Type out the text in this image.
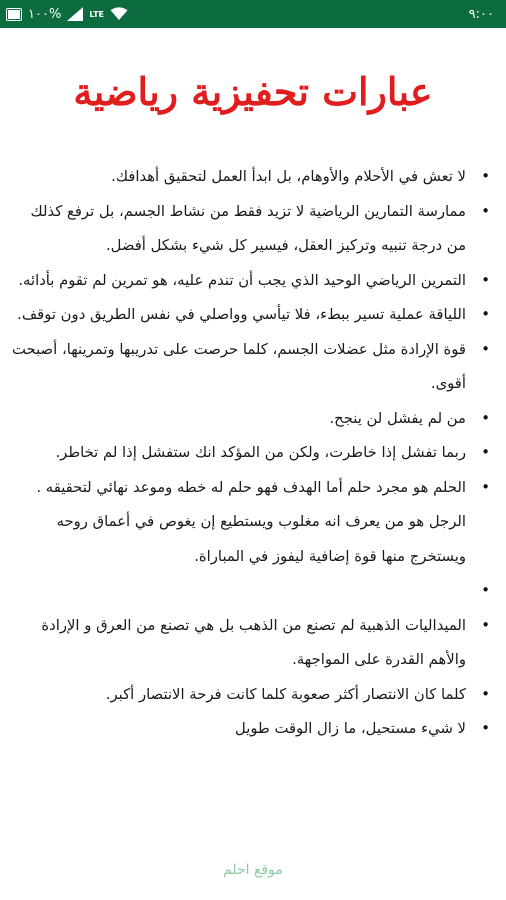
١٠٠%	LTE	٩:٠٠
عبارات تحفيزية رياضية
• لا تعش في الأحلام والأوهام، بل ابدأ العمل لتحقيق أهدافك.
• ممارسة التمارين الرياضية لا تزيد فقط من نشاط الجسم، بل ترفع كذلك من درجة تنبيه وتركيز العقل، فيسير كل شيء بشكل أفضل.
• التمرين الرياضي الوحيد الذي يجب أن تندم عليه، هو تمرين لم تقوم بأدائه.
• اللياقة عملية تسير ببطء، فلا تيأسي وواصلي في نفس الطريق دون توقف.
• قوة الإرادة مثل عضلات الجسم، كلما حرصت على تدريبها وتمرينها، أصبحت أقوى.
• من لم يفشل لن ينجح.
• ربما تفشل إذا خاطرت، ولكن من المؤكد انك ستفشل إذا لم تخاطر.
• الحلم هو مجرد حلم أما الهدف فهو حلم له خطه وموعد نهائي لتحقيقه .
الرجل هو من يعرف انه مغلوب ويستطيع إن يغوص في أعماق روحه ويستخرج منها قوة إضافية ليفوز في المباراة.
•
• الميداليات الذهبية لم تصنع من الذهب بل هي تصنع من العرق و الإرادة والأهم القدرة على المواجهة.
• كلما كان الانتصار أكثر صعوبة كلما كانت فرحة الانتصار أكبر.
• لا شيء مستحيل، ما زال الوقت طويل
موقع احلم
